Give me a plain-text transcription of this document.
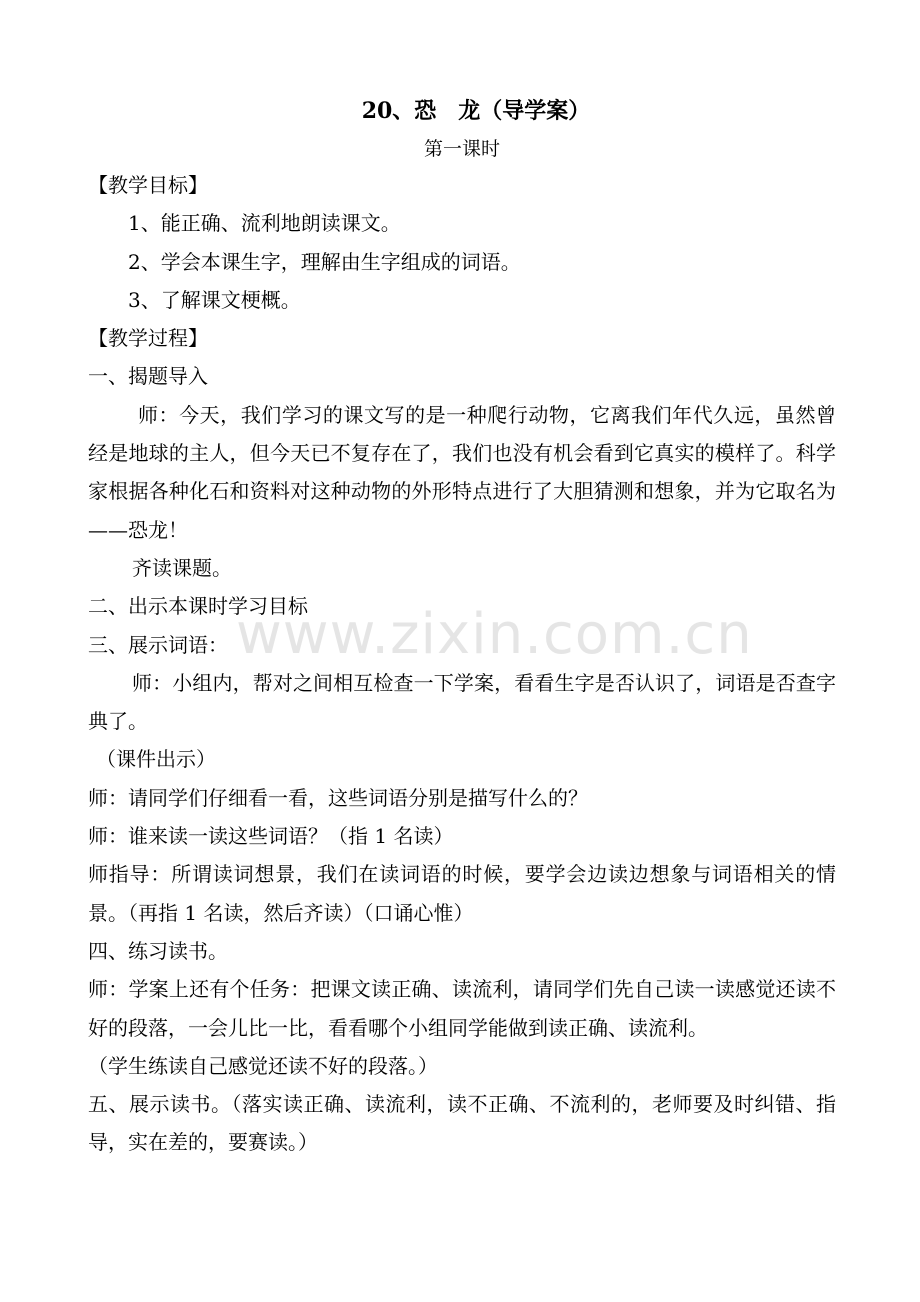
20、恐　龙（导学案）
第一课时
【教学目标】
1、能正确、流利地朗读课文。
2、学会本课生字，理解由生字组成的词语。
3、了解课文梗概。
【教学过程】
一、揭题导入

师：今天，我们学习的课文写的是一种爬行动物，它离我们年代久远，虽然曾经是地球的主人，但今天已不复存在了，我们也没有机会看到它真实的模样了。科学家根据各种化石和资料对这种动物的外形特点进行了大胆猜测和想象，并为它取名为——恐龙！

齐读课题。
二、出示本课时学习目标
三、展示词语：

师：小组内，帮对之间相互检查一下学案，看看生字是否认识了，词语是否查字典了。

（课件出示）
师：请同学们仔细看一看，这些词语分别是描写什么的？
师：谁来读一读这些词语？（指 1 名读）

师指导：所谓读词想景，我们在读词语的时候，要学会边读边想象与词语相关的情景。（再指 1 名读，然后齐读）（口诵心惟）

四、练习读书。

师：学案上还有个任务：把课文读正确、读流利，请同学们先自己读一读感觉还读不好的段落，一会儿比一比，看看哪个小组同学能做到读正确、读流利。

（学生练读自己感觉还读不好的段落。）

五、展示读书。（落实读正确、读流利，读不正确、不流利的，老师要及时纠错、指导，实在差的，要赛读。）

www.zixin.com.cn
